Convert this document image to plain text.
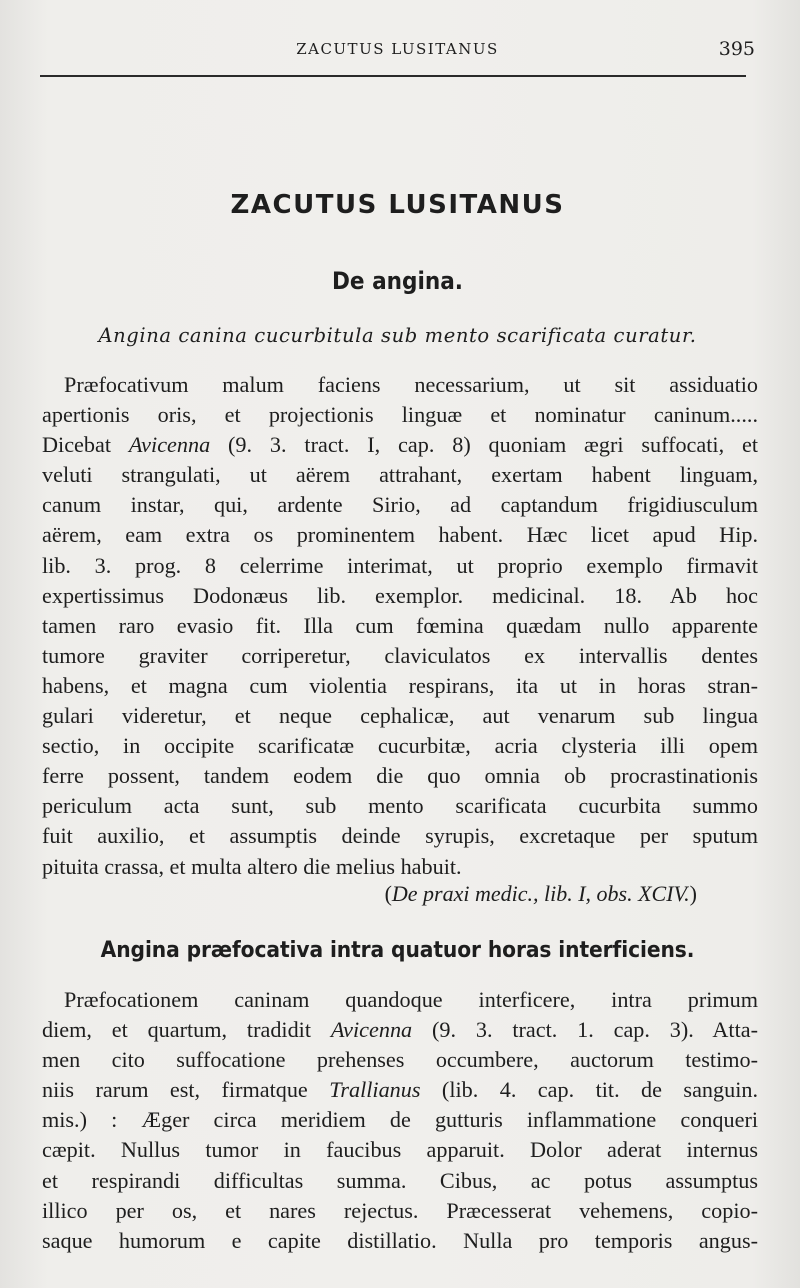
ZACUTUS LUSITANUS	395
ZACUTUS LUSITANUS
De angina.
Angina canina cucurbitula sub mento scarificata curatur.
Præfocativum malum faciens necessarium, ut sit assiduatio
apertionis oris, et projectionis linguæ et nominatur caninum.....
Dicebat Avicenna (9. 3. tract. I, cap. 8) quoniam ægri suffocati, et
veluti strangulati, ut aërem attrahant, exertam habent linguam,
canum instar, qui, ardente Sirio, ad captandum frigidiusculum
aërem, eam extra os prominentem habent. Hæc licet apud Hip.
lib. 3. prog. 8 celerrime interimat, ut proprio exemplo firmavit
expertissimus Dodonæus lib. exemplor. medicinal. 18. Ab hoc
tamen raro evasio fit. Illa cum fœmina quædam nullo apparente
tumore graviter corriperetur, claviculatos ex intervallis dentes
habens, et magna cum violentia respirans, ita ut in horas stran-
gulari videretur, et neque cephalicæ, aut venarum sub lingua
sectio, in occipite scarificatæ cucurbitæ, acria clysteria illi opem
ferre possent, tandem eodem die quo omnia ob procrastinationis
periculum acta sunt, sub mento scarificata cucurbita summo
fuit auxilio, et assumptis deinde syrupis, excretaque per sputum
pituita crassa, et multa altero die melius habuit.
(De praxi medic., lib. I, obs. XCIV.)
Angina præfocativa intra quatuor horas interficiens.
Præfocationem caninam quandoque interficere, intra primum
diem, et quartum, tradidit Avicenna (9. 3. tract. 1. cap. 3). Atta-
men cito suffocatione prehenses occumbere, auctorum testimo-
niis rarum est, firmatque Trallianus (lib. 4. cap. tit. de sanguin.
mis.) : Æger circa meridiem de gutturis inflammatione conqueri
cæpit. Nullus tumor in faucibus apparuit. Dolor aderat internus
et respirandi difficultas summa. Cibus, ac potus assumptus
illico per os, et nares rejectus. Præcesserat vehemens, copio-
saque humorum e capite distillatio. Nulla pro temporis angus-
